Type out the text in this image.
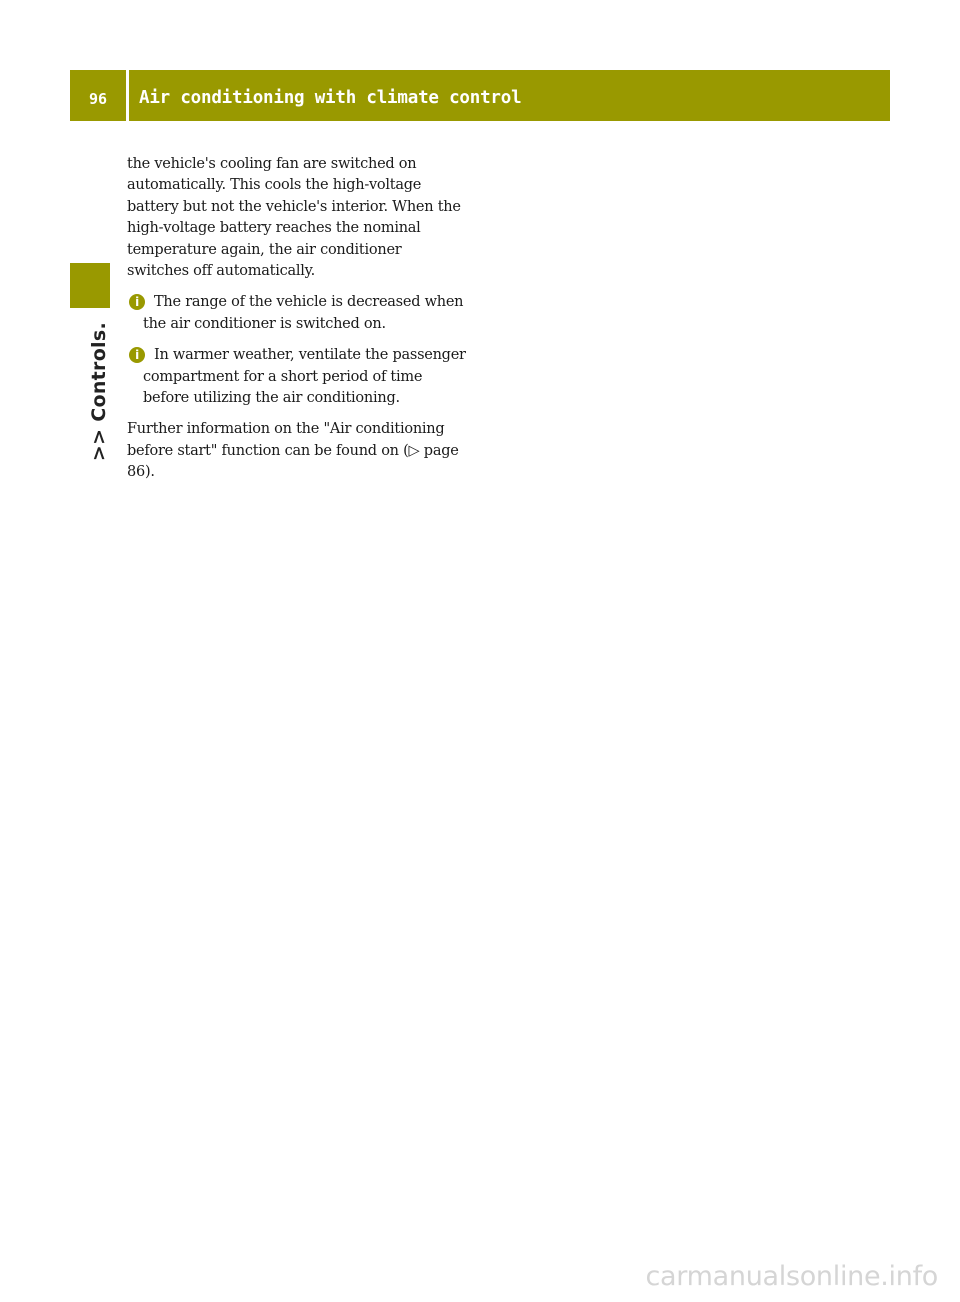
96	Air conditioning with climate control
>> Controls.

the vehicle's cooling fan are switched on automatically. This cools the high-voltage battery but not the vehicle's interior. When the high-voltage battery reaches the nominal temperature again, the air conditioner switches off automatically.

i	The range of the vehicle is decreased when the air conditioner is switched on.
i	In warmer weather, ventilate the passenger compartment for a short period of time before utilizing the air conditioning.

Further information on the "Air conditioning before start" function can be found on (▷ page 86).

carmanualsonline.info
